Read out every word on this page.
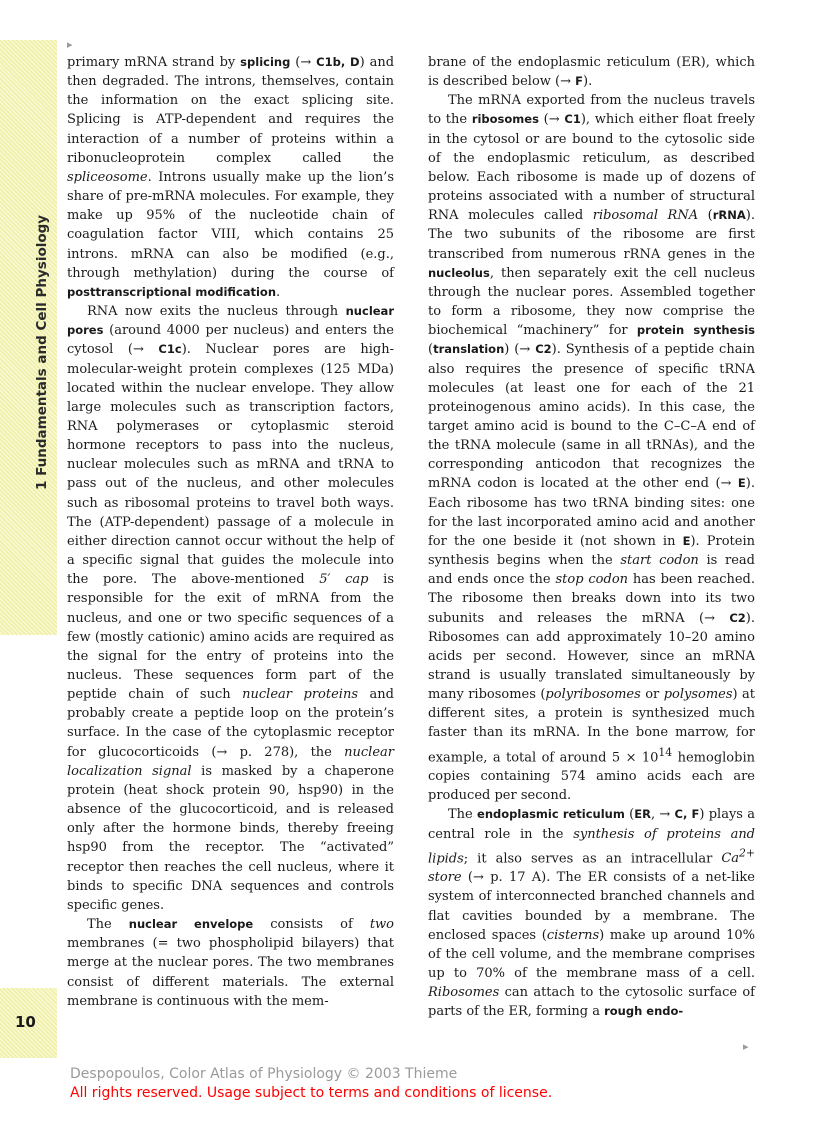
1 Fundamentals and Cell Physiology
10
▸
▸

primary mRNA strand by splicing (→ C1b, D) and then degraded. The introns, themselves, contain the information on the exact splicing site. Splicing is ATP-dependent and requires the interaction of a number of proteins within a ribonucleoprotein complex called the spliceosome. Introns usually make up the lion’s share of pre-mRNA molecules. For example, they make up 95% of the nucleotide chain of coagulation factor VIII, which contains 25 introns. mRNA can also be modified (e.g., through methylation) during the course of posttranscriptional modification.

RNA now exits the nucleus through nuclear pores (around 4000 per nucleus) and enters the cytosol (→ C1c). Nuclear pores are high-molecular-weight protein complexes (125 MDa) located within the nuclear envelope. They allow large molecules such as transcription factors, RNA polymerases or cytoplasmic steroid hormone receptors to pass into the nucleus, nuclear molecules such as mRNA and tRNA to pass out of the nucleus, and other molecules such as ribosomal proteins to travel both ways. The (ATP-dependent) passage of a molecule in either direction cannot occur without the help of a specific signal that guides the molecule into the pore. The above-mentioned 5′ cap is responsible for the exit of mRNA from the nucleus, and one or two specific sequences of a few (mostly cationic) amino acids are required as the signal for the entry of proteins into the nucleus. These sequences form part of the peptide chain of such nuclear proteins and probably create a peptide loop on the protein’s surface. In the case of the cytoplasmic receptor for glucocorticoids (→ p. 278), the nuclear localization signal is masked by a chaperone protein (heat shock protein 90, hsp90) in the absence of the glucocorticoid, and is released only after the hormone binds, thereby freeing hsp90 from the receptor. The “activated” receptor then reaches the cell nucleus, where it binds to specific DNA sequences and controls specific genes.

The nuclear envelope consists of two membranes (= two phospholipid bilayers) that merge at the nuclear pores. The two membranes consist of different materials. The external membrane is continuous with the mem-

brane of the endoplasmic reticulum (ER), which is described below (→ F).

The mRNA exported from the nucleus travels to the ribosomes (→ C1), which either float freely in the cytosol or are bound to the cytosolic side of the endoplasmic reticulum, as described below. Each ribosome is made up of dozens of proteins associated with a number of structural RNA molecules called ribosomal RNA (rRNA). The two subunits of the ribosome are first transcribed from numerous rRNA genes in the nucleolus, then separately exit the cell nucleus through the nuclear pores. Assembled together to form a ribosome, they now comprise the biochemical “machinery” for protein synthesis (translation) (→ C2). Synthesis of a peptide chain also requires the presence of specific tRNA molecules (at least one for each of the 21 proteinogenous amino acids). In this case, the target amino acid is bound to the C–C–A end of the tRNA molecule (same in all tRNAs), and the corresponding anticodon that recognizes the mRNA codon is located at the other end (→ E). Each ribosome has two tRNA binding sites: one for the last incorporated amino acid and another for the one beside it (not shown in E). Protein synthesis begins when the start codon is read and ends once the stop codon has been reached. The ribosome then breaks down into its two subunits and releases the mRNA (→ C2). Ribosomes can add approximately 10–20 amino acids per second. However, since an mRNA strand is usually translated simultaneously by many ribosomes (polyribosomes or polysomes) at different sites, a protein is synthesized much faster than its mRNA. In the bone marrow, for example, a total of around $5 \times 10^{14}$ hemoglobin copies containing 574 amino acids each are produced per second.

The endoplasmic reticulum (ER, → C, F) plays a central role in the synthesis of proteins and lipids; it also serves as an intracellular $Ca^{2+}$ store (→ p. 17 A). The ER consists of a net-like system of interconnected branched channels and flat cavities bounded by a membrane. The enclosed spaces (cisterns) make up around 10% of the cell volume, and the membrane comprises up to 70% of the membrane mass of a cell. Ribosomes can attach to the cytosolic surface of parts of the ER, forming a rough endo-

Despopoulos, Color Atlas of Physiology © 2003 Thieme
All rights reserved. Usage subject to terms and conditions of license.
